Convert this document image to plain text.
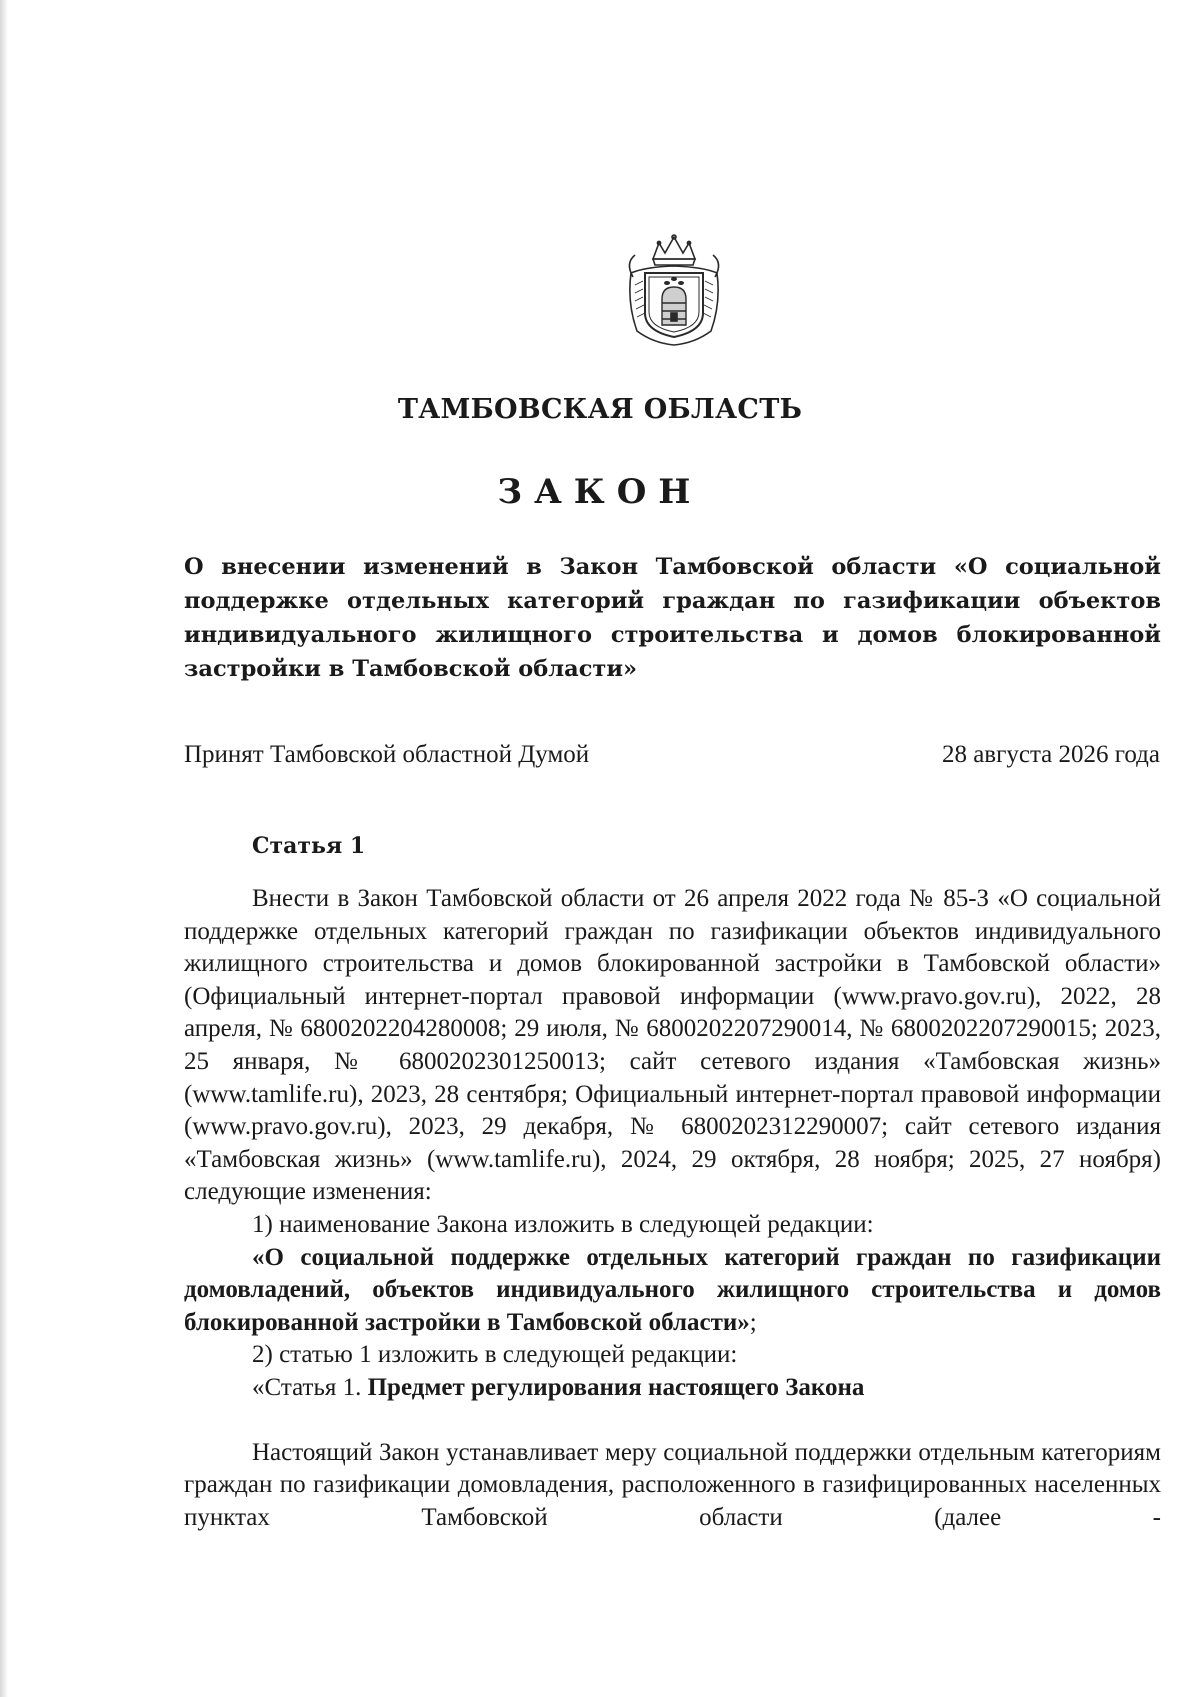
ТАМБОВСКАЯ ОБЛАСТЬ
ЗАКОН
О внесении изменений в Закон Тамбовской области «О социальной поддержке отдельных категорий граждан по газификации объектов индивидуального жилищного строительства и домов блокированной застройки в Тамбовской области»
Принят Тамбовской областной Думой	28 августа 2026 года
Статья 1

Внести в Закон Тамбовской области от 26 апреля 2022 года № 85-З «О социальной поддержке отдельных категорий граждан по газификации объектов индивидуального жилищного строительства и домов блокированной застройки в Тамбовской области» (Официальный интернет-портал правовой информации (www.pravo.gov.ru), 2022, 28 апреля, № 6800202204280008; 29 июля, № 6800202207290014, № 6800202207290015; 2023, 25 января, № 6800202301250013; сайт сетевого издания «Тамбовская жизнь» (www.tamlife.ru), 2023, 28 сентября; Официальный интернет-портал правовой информации (www.pravo.gov.ru), 2023, 29 декабря, № 6800202312290007; сайт сетевого издания «Тамбовская жизнь» (www.tamlife.ru), 2024, 29 октября, 28 ноября; 2025, 27 ноября) следующие изменения:

1) наименование Закона изложить в следующей редакции:

«О социальной поддержке отдельных категорий граждан по газификации домовладений, объектов индивидуального жилищного строительства и домов блокированной застройки в Тамбовской области»;

2) статью 1 изложить в следующей редакции:

«Статья 1. Предмет регулирования настоящего Закона

Настоящий Закон устанавливает меру социальной поддержки отдельным категориям граждан по газификации домовладения, расположенного в газифицированных населенных пунктах Тамбовской области (далее -
